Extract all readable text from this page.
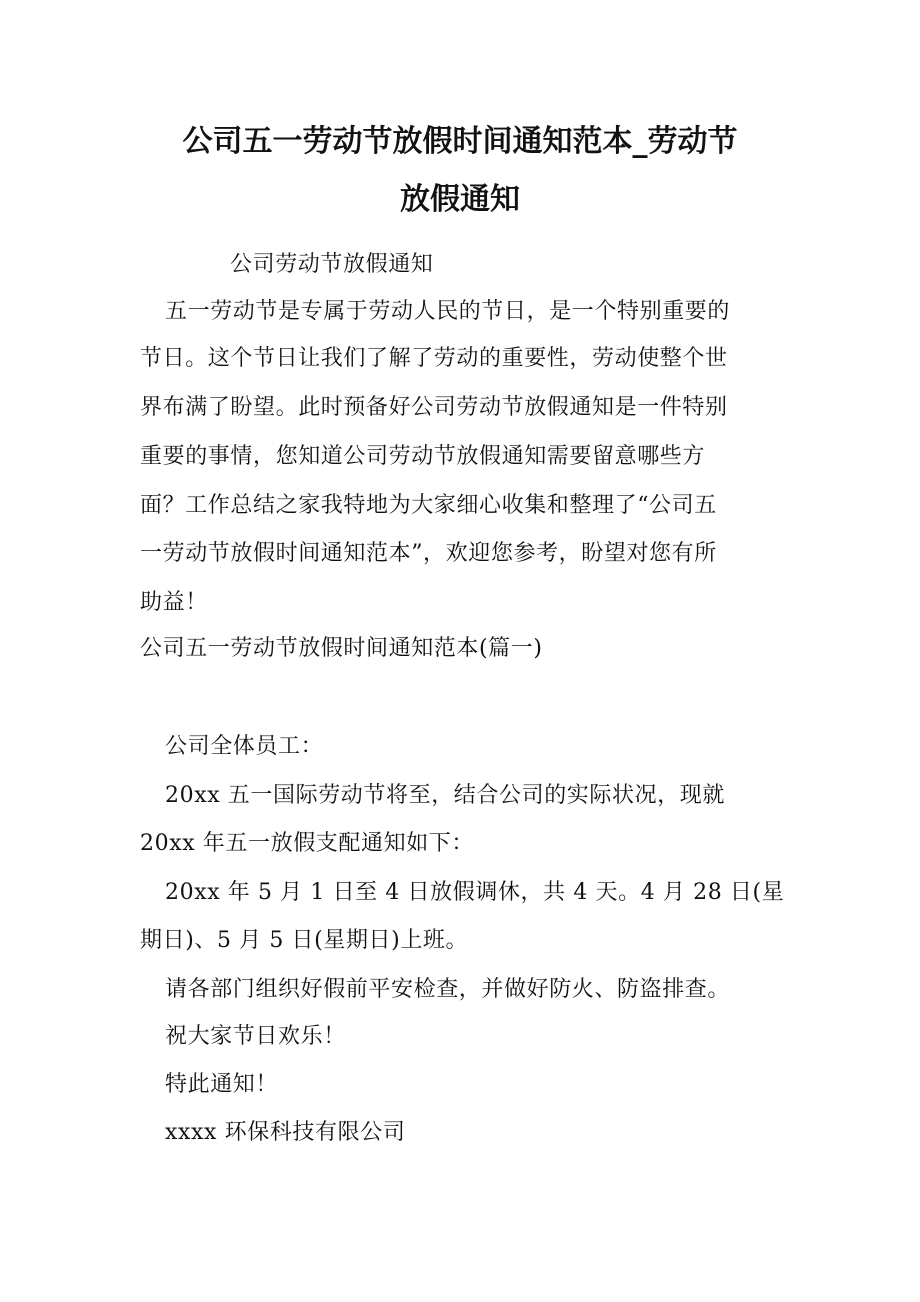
公司五一劳动节放假时间通知范本_劳动节
放假通知

公司劳动节放假通知

五一劳动节是专属于劳动人民的节日，是一个特别重要的

节日。这个节日让我们了解了劳动的重要性，劳动使整个世

界布满了盼望。此时预备好公司劳动节放假通知是一件特别

重要的事情，您知道公司劳动节放假通知需要留意哪些方

面？工作总结之家我特地为大家细心收集和整理了“公司五

一劳动节放假时间通知范本”，欢迎您参考，盼望对您有所

助益！

公司五一劳动节放假时间通知范本(篇一)

公司全体员工：

20xx 五一国际劳动节将至，结合公司的实际状况，现就

20xx 年五一放假支配通知如下：

20xx 年 5 月 1 日至 4 日放假调休，共 4 天。4 月 28 日(星

期日)、5 月 5 日(星期日)上班。

请各部门组织好假前平安检查，并做好防火、防盗排查。

祝大家节日欢乐！

特此通知！

xxxx 环保科技有限公司
